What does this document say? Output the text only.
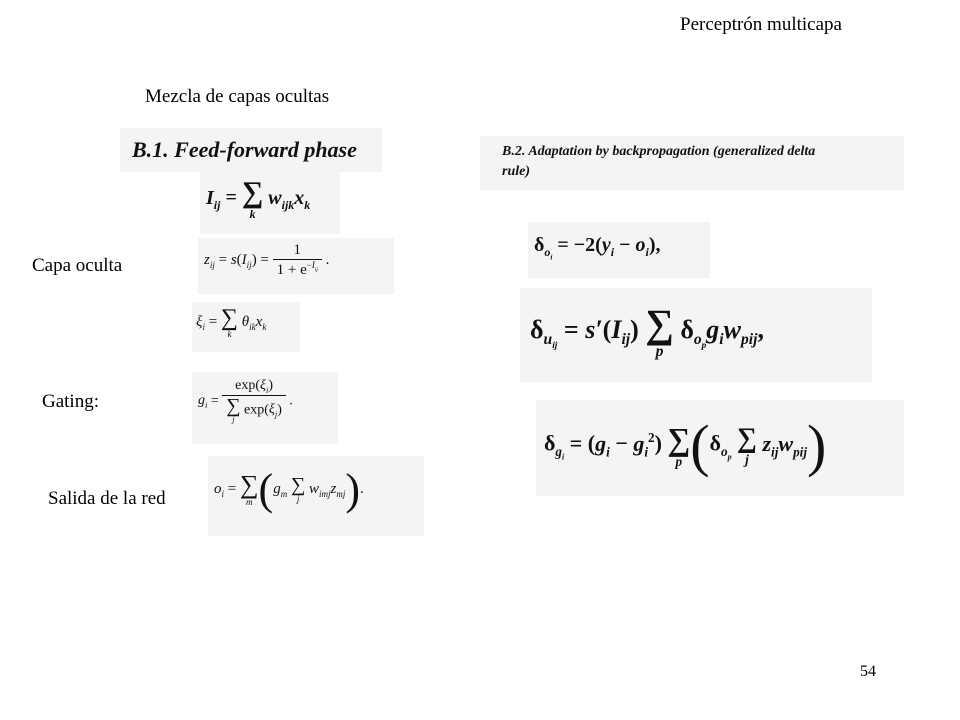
Perceptrón multicapa
Mezcla de capas ocultas
Capa oculta
Gating:
Salida de la red
54
B.1. Feed-forward phase
$I_{ij}$ = ∑
k
$w_{ijk}x_k$
$z_{ij} = s(I_{ij}) = \frac{1}{1 + e^{-I_{ij}}}$ .
$\xi_i$ = ∑
k
$\theta_{ik}x_k$
$g_i = \exp(\xi_i)$
∑
j
$\exp(\xi_j)$ .
$o_i$ = ∑
m ($g_m$ ∑
j
$w_{imj}z_{mj}$).
B.2. Adaptation by backpropagation (generalized delta
rule)
$\delta_{o_i} = -2(y_i - o_i)$,
$\delta_{u_{ij}} = s'(I_{ij})$ ∑
p
$\delta_{o_p}g_iw_{pij}$,
$\delta_{g_i} = (g_i - g_i^2)$ ∑
p ($\delta_{o_p}$
∑
j
$z_{ij}w_{pij}$)
